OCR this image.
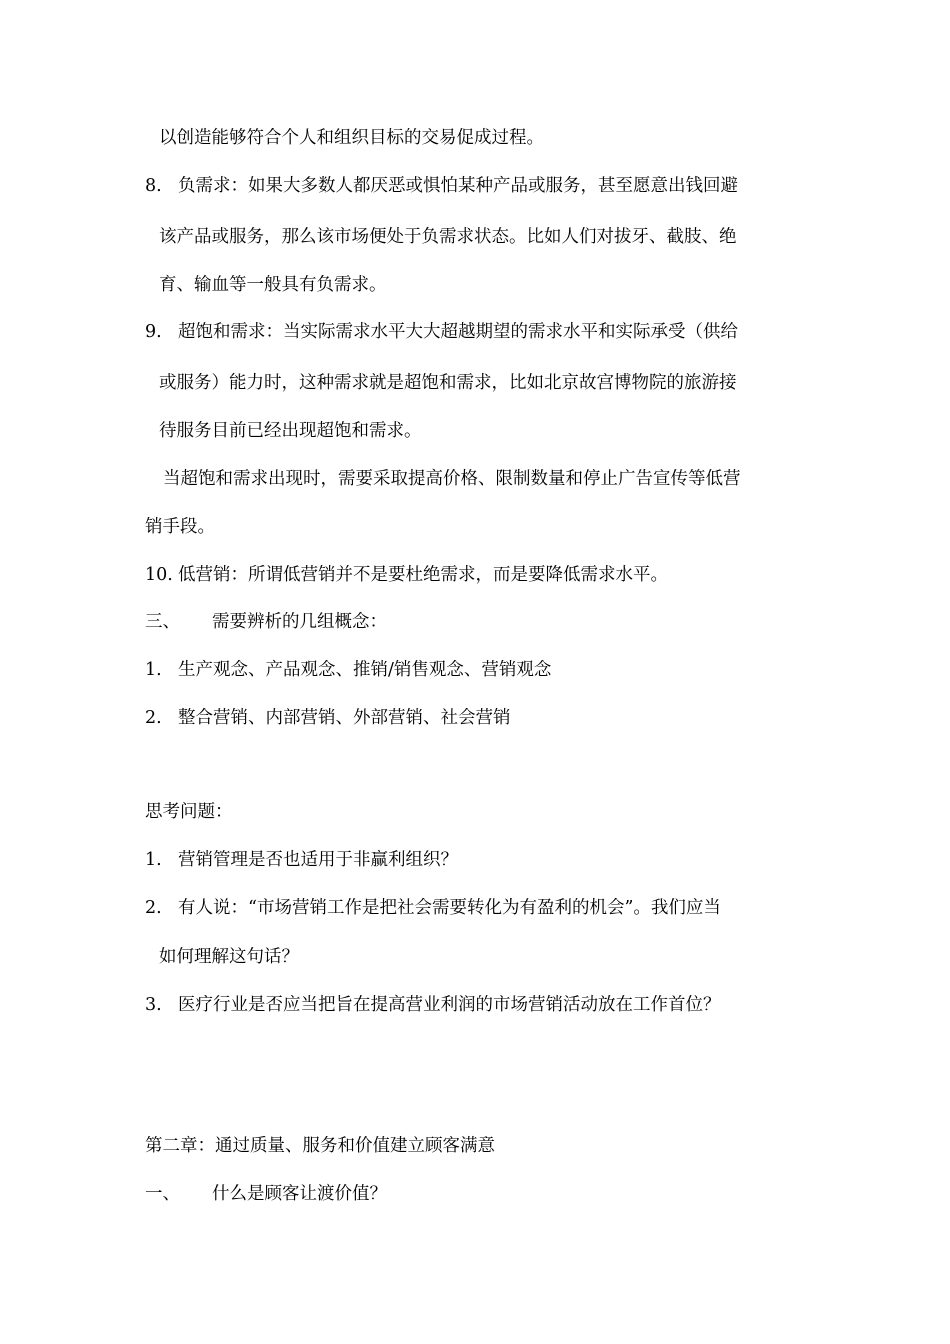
以创造能够符合个人和组织目标的交易促成过程。
8. 负需求：如果大多数人都厌恶或惧怕某种产品或服务，甚至愿意出钱回避
该产品或服务，那么该市场便处于负需求状态。比如人们对拔牙、截肢、绝
育、输血等一般具有负需求。
9. 超饱和需求：当实际需求水平大大超越期望的需求水平和实际承受（供给
或服务）能力时，这种需求就是超饱和需求，比如北京故宫博物院的旅游接
待服务目前已经出现超饱和需求。
当超饱和需求出现时，需要采取提高价格、限制数量和停止广告宣传等低营
销手段。
10. 低营销：所谓低营销并不是要杜绝需求，而是要降低需求水平。
三、 需要辨析的几组概念：
1. 生产观念、产品观念、推销/销售观念、营销观念
2. 整合营销、内部营销、外部营销、社会营销
思考问题：
1. 营销管理是否也适用于非赢利组织？
2. 有人说：“市场营销工作是把社会需要转化为有盈利的机会”。我们应当
如何理解这句话？
3. 医疗行业是否应当把旨在提高营业利润的市场营销活动放在工作首位？
第二章：通过质量、服务和价值建立顾客满意
一、 什么是顾客让渡价值？
